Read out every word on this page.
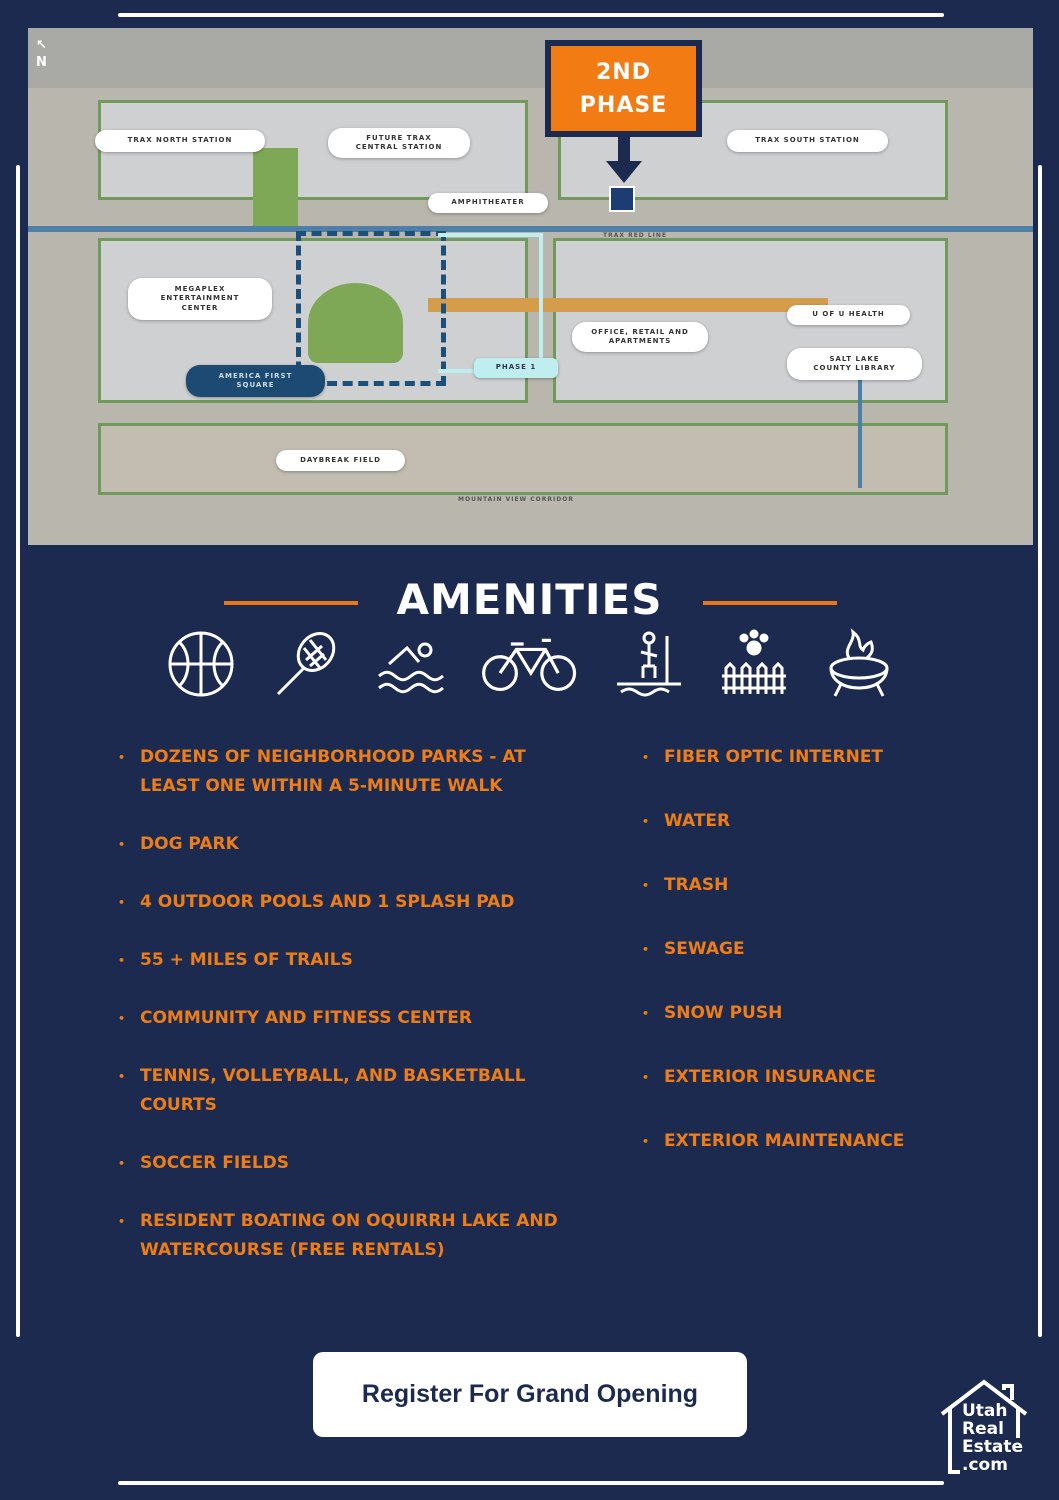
↖
N
TRAX NORTH STATION	FUTURE TRAX CENTRAL STATION
TRAX SOUTH STATION
AMPHITHEATER
MEGAPLEX ENTERTAINMENT CENTER
U OF U HEALTH
OFFICE, RETAIL AND APARTMENTS
SALT LAKE COUNTY LIBRARY
AMERICA FIRST SQUARE
PHASE 1
DAYBREAK FIELD
MOUNTAIN VIEW CORRIDOR
TRAX RED LINE
2ND PHASE
AMENITIES
• DOZENS OF NEIGHBORHOOD PARKS - AT LEAST ONE WITHIN A 5-MINUTE WALK
• DOG PARK
• 4 OUTDOOR POOLS AND 1 SPLASH PAD
• 55 + MILES OF TRAILS
• COMMUNITY AND FITNESS CENTER
• TENNIS, VOLLEYBALL, AND BASKETBALL COURTS
• SOCCER FIELDS
• RESIDENT BOATING ON OQUIRRH LAKE AND WATERCOURSE (FREE RENTALS)
• FIBER OPTIC INTERNET
• WATER
• TRASH
• SEWAGE
• SNOW PUSH
• EXTERIOR INSURANCE
• EXTERIOR MAINTENANCE
Register For Grand Opening
Utah Real Estate .com
